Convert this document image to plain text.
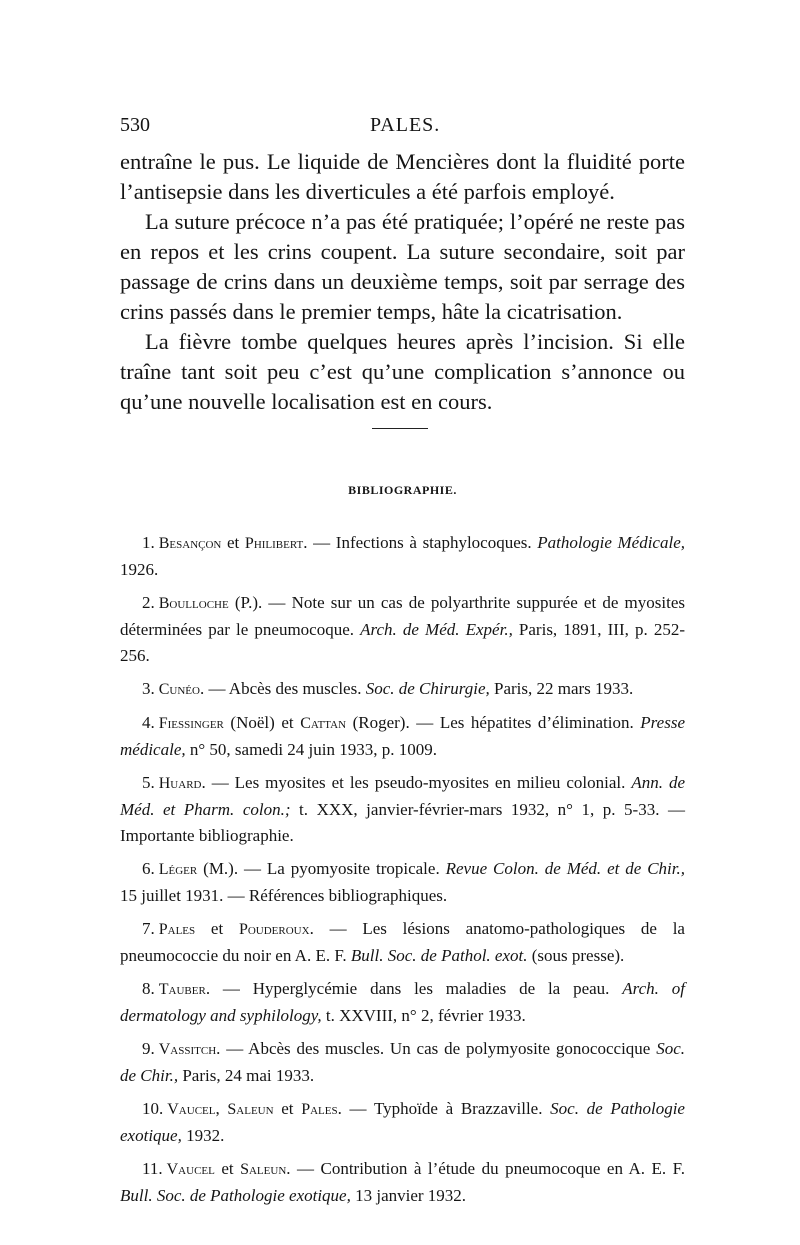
530	PALES.

entraîne le pus. Le liquide de Mencières dont la fluidité porte l’antisepsie dans les diverticules a été parfois employé.

La suture précoce n’a pas été pratiquée; l’opéré ne reste pas en repos et les crins coupent. La suture secondaire, soit par passage de crins dans un deuxième temps, soit par serrage des crins passés dans le premier temps, hâte la cicatrisation.

La fièvre tombe quelques heures après l’incision. Si elle traîne tant soit peu c’est qu’une complication s’annonce ou qu’une nouvelle localisation est en cours.

BIBLIOGRAPHIE.

1. Besançon et Philibert. — Infections à staphylocoques. Pathologie Médicale, 1926.

2. Boulloche (P.). — Note sur un cas de polyarthrite suppurée et de myosites déterminées par le pneumocoque. Arch. de Méd. Expér., Paris, 1891, III, p. 252-256.

3. Cunéo. — Abcès des muscles. Soc. de Chirurgie, Paris, 22 mars 1933.

4. Fiessinger (Noël) et Cattan (Roger). — Les hépatites d’élimination. Presse médicale, n° 50, samedi 24 juin 1933, p. 1009.

5. Huard. — Les myosites et les pseudo-myosites en milieu colonial. Ann. de Méd. et Pharm. colon.; t. XXX, janvier-février-mars 1932, n° 1, p. 5-33. — Importante bibliographie.

6. Léger (M.). — La pyomyosite tropicale. Revue Colon. de Méd. et de Chir., 15 juillet 1931. — Références bibliographiques.

7. Pales et Pouderoux. — Les lésions anatomo-pathologiques de la pneumococcie du noir en A. E. F. Bull. Soc. de Pathol. exot. (sous presse).

8. Tauber. — Hyperglycémie dans les maladies de la peau. Arch. of dermatology and syphilology, t. XXVIII, n° 2, février 1933.

9. Vassitch. — Abcès des muscles. Un cas de polymyosite gonococcique Soc. de Chir., Paris, 24 mai 1933.

10. Vaucel, Saleun et Pales. — Typhoïde à Brazzaville. Soc. de Pathologie exotique, 1932.

11. Vaucel et Saleun. — Contribution à l’étude du pneumocoque en A. E. F. Bull. Soc. de Pathologie exotique, 13 janvier 1932.
